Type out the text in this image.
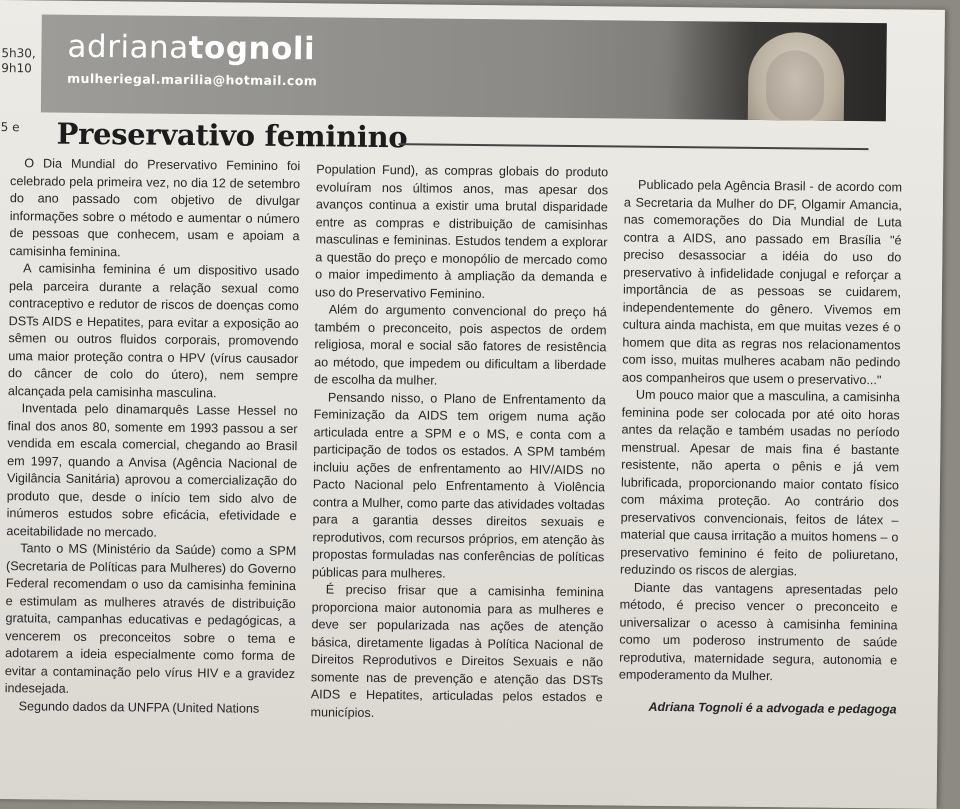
5h30,
9h10
5 e
adrianatognoli
mulheriegal.marilia@hotmail.com
Preservativo feminino

O Dia Mundial do Preservativo Feminino foi celebrado pela primeira vez, no dia 12 de setembro do ano passado com objetivo de divulgar informações sobre o método e aumentar o número de pessoas que conhecem, usam e apoiam a camisinha feminina.

A camisinha feminina é um dispositivo usado pela parceira durante a relação sexual como contraceptivo e redutor de riscos de doenças como DSTs AIDS e Hepatites, para evitar a exposição ao sêmen ou outros fluidos corporais, promovendo uma maior proteção contra o HPV (vírus causador do câncer de colo do útero), nem sempre alcançada pela camisinha masculina.

Inventada pelo dinamarquês Lasse Hessel no final dos anos 80, somente em 1993 passou a ser vendida em escala comercial, chegando ao Brasil em 1997, quando a Anvisa (Agência Nacional de Vigilância Sanitária) aprovou a comercialização do produto que, desde o início tem sido alvo de inúmeros estudos sobre eficácia, efetividade e aceitabilidade no mercado.

Tanto o MS (Ministério da Saúde) como a SPM (Secretaria de Políticas para Mulheres) do Governo Federal recomendam o uso da camisinha feminina e estimulam as mulheres através de distribuição gratuita, campanhas educativas e pedagógicas, a vencerem os preconceitos sobre o tema e adotarem a ideia especialmente como forma de evitar a contaminação pelo vírus HIV e a gravidez indesejada.

Segundo dados da UNFPA (United Nations

Population Fund), as compras globais do produto evoluíram nos últimos anos, mas apesar dos avanços continua a existir uma brutal disparidade entre as compras e distribuição de camisinhas masculinas e femininas. Estudos tendem a explorar a questão do preço e monopólio de mercado como o maior impedimento à ampliação da demanda e uso do Preservativo Feminino.

Além do argumento convencional do preço há também o preconceito, pois aspectos de ordem religiosa, moral e social são fatores de resistência ao método, que impedem ou dificultam a liberdade de escolha da mulher.

Pensando nisso, o Plano de Enfrentamento da Feminização da AIDS tem origem numa ação articulada entre a SPM e o MS, e conta com a participação de todos os estados. A SPM também incluiu ações de enfrentamento ao HIV/AIDS no Pacto Nacional pelo Enfrentamento à Violência contra a Mulher, como parte das atividades voltadas para a garantia desses direitos sexuais e reprodutivos, com recursos próprios, em atenção às propostas formuladas nas conferências de políticas públicas para mulheres.

É preciso frisar que a camisinha feminina proporciona maior autonomia para as mulheres e deve ser popularizada nas ações de atenção básica, diretamente ligadas à Política Nacional de Direitos Reprodutivos e Direitos Sexuais e não somente nas de prevenção e atenção das DSTs AIDS e Hepatites, articuladas pelos estados e municípios.

Publicado pela Agência Brasil - de acordo com a Secretaria da Mulher do DF, Olgamir Amancia, nas comemorações do Dia Mundial de Luta contra a AIDS, ano passado em Brasília "é preciso desassociar a idéia do uso do preservativo à infidelidade conjugal e reforçar a importância de as pessoas se cuidarem, independentemente do gênero. Vivemos em cultura ainda machista, em que muitas vezes é o homem que dita as regras nos relacionamentos com isso, muitas mulheres acabam não pedindo aos companheiros que usem o preservativo..."

Um pouco maior que a masculina, a camisinha feminina pode ser colocada por até oito horas antes da relação e também usadas no período menstrual. Apesar de mais fina é bastante resistente, não aperta o pênis e já vem lubrificada, proporcionando maior contato físico com máxima proteção. Ao contrário dos preservativos convencionais, feitos de látex – material que causa irritação a muitos homens – o preservativo feminino é feito de poliuretano, reduzindo os riscos de alergias.

Diante das vantagens apresentadas pelo método, é preciso vencer o preconceito e universalizar o acesso à camisinha feminina como um poderoso instrumento de saúde reprodutiva, maternidade segura, autonomia e empoderamento da Mulher.

Adriana Tognoli é a advogada e pedagoga
